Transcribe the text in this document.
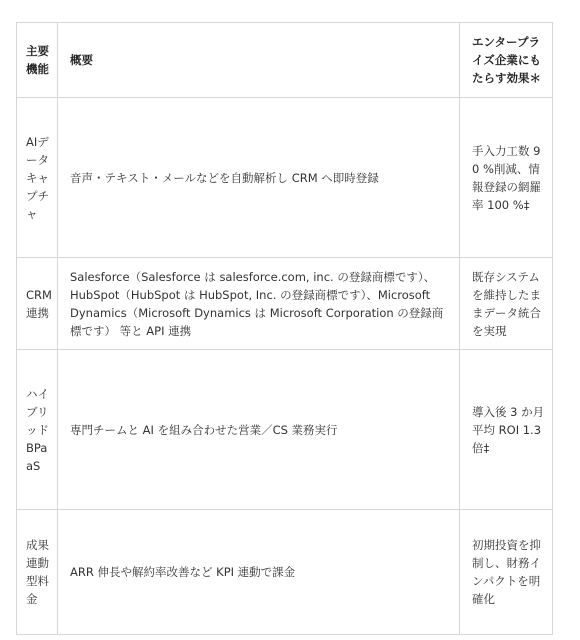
主要機能	概要	エンタープライズ企業にもたらす効果＊
AIデータキャプチャ	音声・テキスト・メールなどを自動解析し CRM へ即時登録	手入力工数 90 %削減、情報登録の網羅率 100 %‡
CRM連携	Salesforce（Salesforce は salesforce.com, inc. の登録商標です）、HubSpot（HubSpot は HubSpot, Inc. の登録商標です）、Microsoft Dynamics（Microsoft Dynamics は Microsoft Corporation の登録商標です） 等と API 連携	既存システムを維持したままデータ統合を実現
ハイブリッドBPaaS	専門チームと AI を組み合わせた営業／CS 業務実行	導入後 3 か月平均 ROI 1.3 倍‡
成果連動型料金	ARR 伸長や解約率改善など KPI 連動で課金	初期投資を抑制し、財務インパクトを明確化
